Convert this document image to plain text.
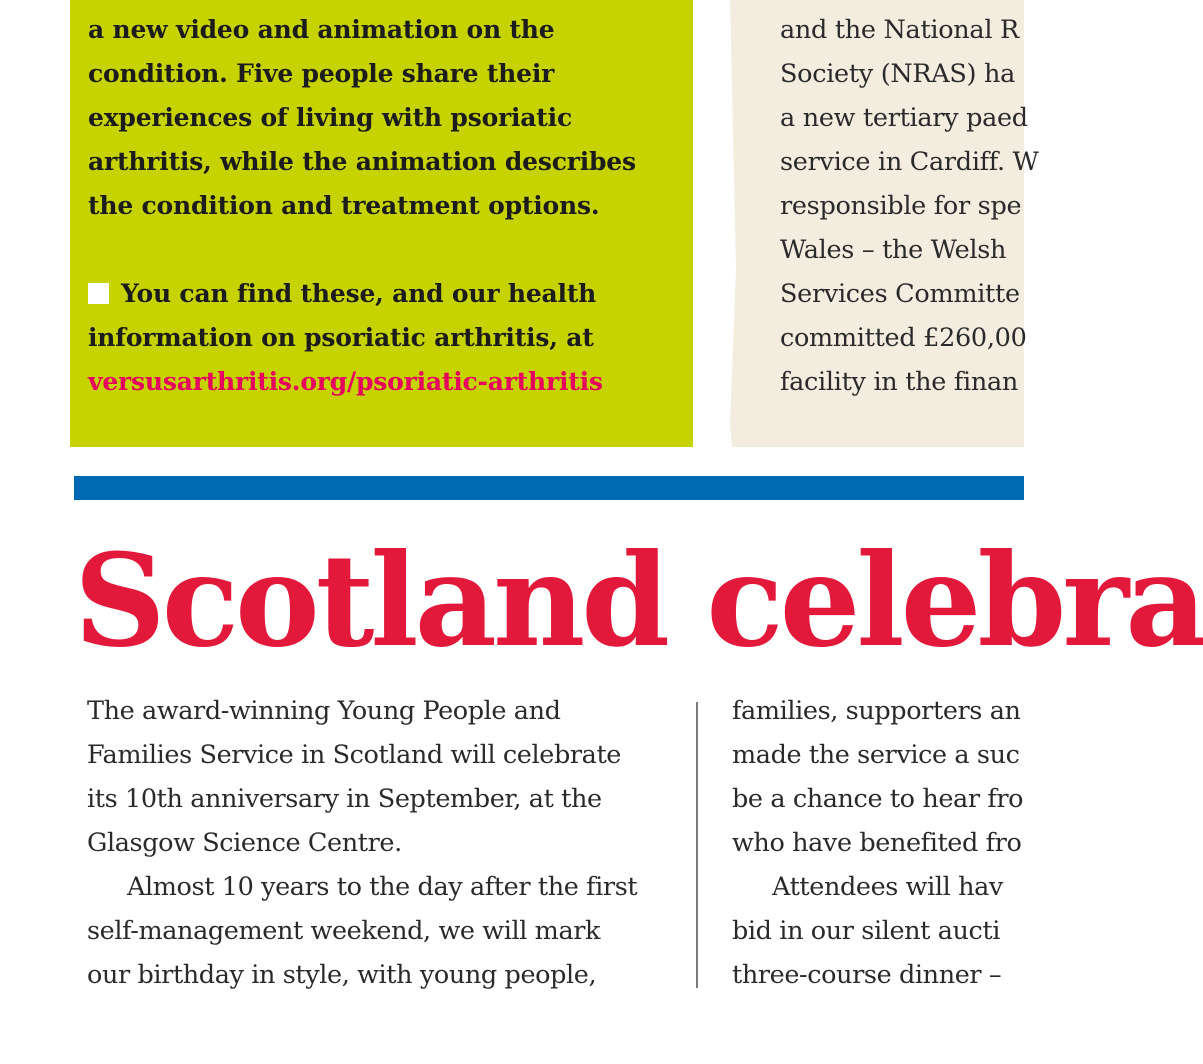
a new video and animation on the
condition. Five people share their
experiences of living with psoriatic
arthritis, while the animation describes
the condition and treatment options.
You can find these, and our health
information on psoriatic arthritis, at
versusarthritis.org/psoriatic-arthritis
and the National R
Society (NRAS) ha
a new tertiary paed
service in Cardiff. W
responsible for spe
Wales – the Welsh
Services Committe
committed £260,00
facility in the finan
Scotland celebra
The award-winning Young People and
Families Service in Scotland will celebrate
its 10th anniversary in September, at the
Glasgow Science Centre.
Almost 10 years to the day after the first
self-management weekend, we will mark
our birthday in style, with young people,
families, supporters an
made the service a suc
be a chance to hear fro
who have benefited fro
Attendees will hav
bid in our silent aucti
three-course dinner –
